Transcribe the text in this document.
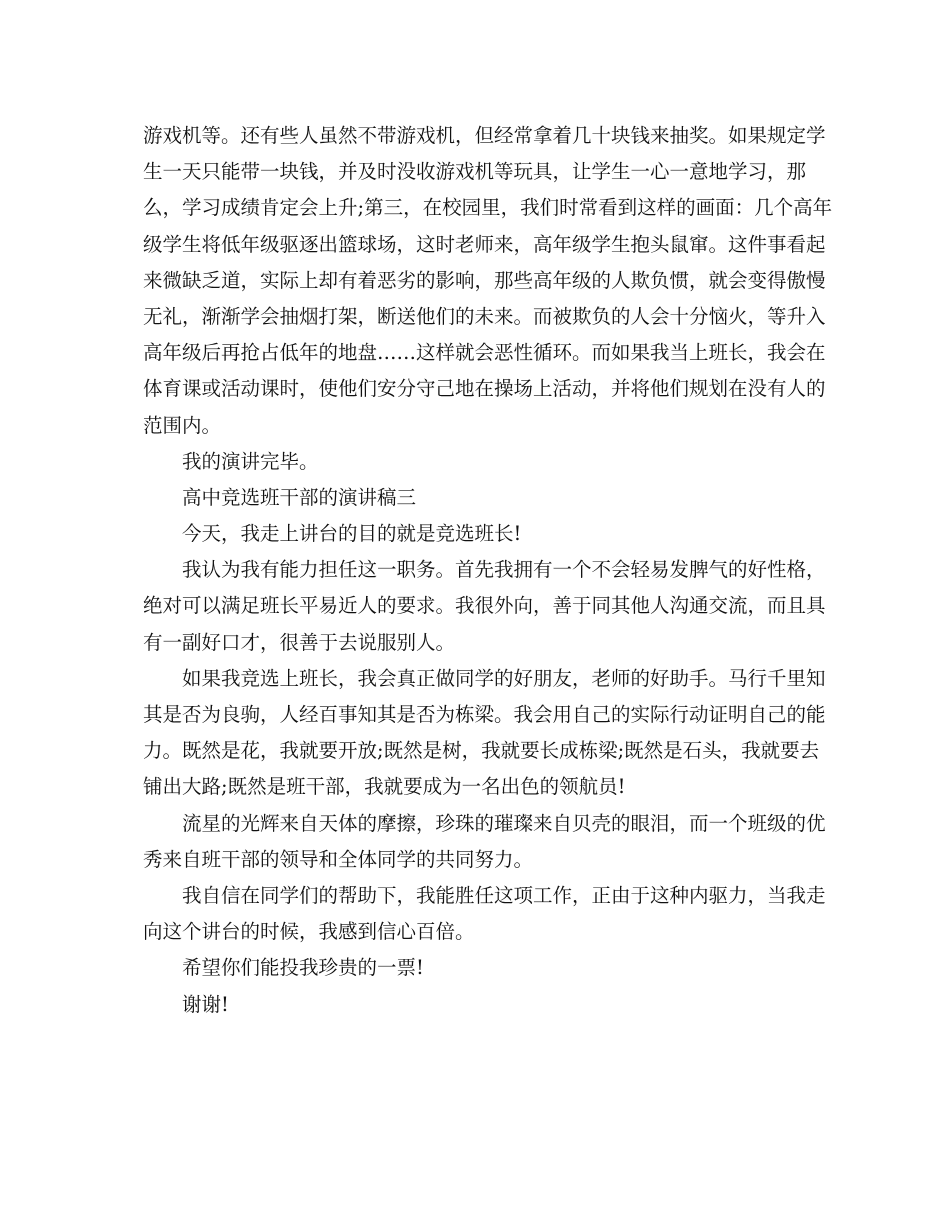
游戏机等。还有些人虽然不带游戏机，但经常拿着几十块钱来抽奖。如果规定学
生一天只能带一块钱，并及时没收游戏机等玩具，让学生一心一意地学习，那
么，学习成绩肯定会上升;第三，在校园里，我们时常看到这样的画面：几个高年
级学生将低年级驱逐出篮球场，这时老师来，高年级学生抱头鼠窜。这件事看起
来微缺乏道，实际上却有着恶劣的影响，那些高年级的人欺负惯，就会变得傲慢
无礼，渐渐学会抽烟打架，断送他们的未来。而被欺负的人会十分恼火，等升入
高年级后再抢占低年的地盘……这样就会恶性循环。而如果我当上班长，我会在
体育课或活动课时，使他们安分守己地在操场上活动，并将他们规划在没有人的
范围内。
我的演讲完毕。
高中竞选班干部的演讲稿三
今天，我走上讲台的目的就是竞选班长!
我认为我有能力担任这一职务。首先我拥有一个不会轻易发脾气的好性格，
绝对可以满足班长平易近人的要求。我很外向，善于同其他人沟通交流，而且具
有一副好口才，很善于去说服别人。
如果我竞选上班长，我会真正做同学的好朋友，老师的好助手。马行千里知
其是否为良驹，人经百事知其是否为栋梁。我会用自己的实际行动证明自己的能
力。既然是花，我就要开放;既然是树，我就要长成栋梁;既然是石头，我就要去
铺出大路;既然是班干部，我就要成为一名出色的领航员!
流星的光辉来自天体的摩擦，珍珠的璀璨来自贝壳的眼泪，而一个班级的优
秀来自班干部的领导和全体同学的共同努力。
我自信在同学们的帮助下，我能胜任这项工作，正由于这种内驱力，当我走
向这个讲台的时候，我感到信心百倍。
希望你们能投我珍贵的一票!
谢谢!
